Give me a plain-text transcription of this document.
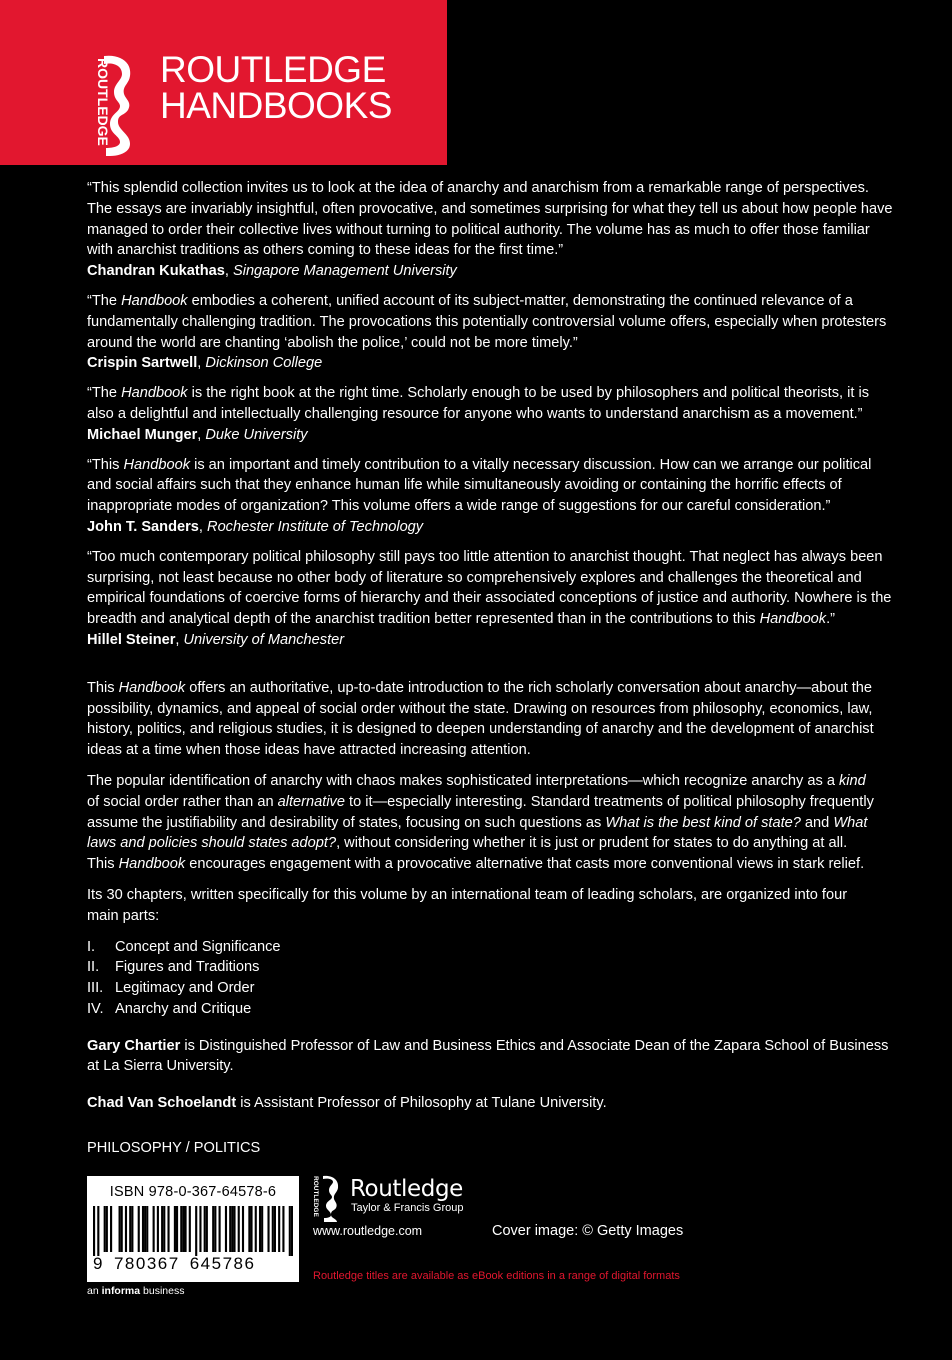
ROUTLEDGE ROUTLEDGE
HANDBOOKS

“This splendid collection invites us to look at the idea of anarchy and anarchism from a remarkable range of perspectives.
The essays are invariably insightful, often provocative, and sometimes surprising for what they tell us about how people have
managed to order their collective lives without turning to political authority. The volume has as much to offer those familiar
with anarchist traditions as others coming to these ideas for the first time.”

Chandran Kukathas, Singapore Management University

“The Handbook embodies a coherent, unified account of its subject-matter, demonstrating the continued relevance of a
fundamentally challenging tradition. The provocations this potentially controversial volume offers, especially when protesters
around the world are chanting ‘abolish the police,’ could not be more timely.”

Crispin Sartwell, Dickinson College

“The Handbook is the right book at the right time. Scholarly enough to be used by philosophers and political theorists, it is
also a delightful and intellectually challenging resource for anyone who wants to understand anarchism as a movement.”

Michael Munger, Duke University

“This Handbook is an important and timely contribution to a vitally necessary discussion. How can we arrange our political
and social affairs such that they enhance human life while simultaneously avoiding or containing the horrific effects of
inappropriate modes of organization? This volume offers a wide range of suggestions for our careful consideration.”

John T. Sanders, Rochester Institute of Technology

“Too much contemporary political philosophy still pays too little attention to anarchist thought. That neglect has always been
surprising, not least because no other body of literature so comprehensively explores and challenges the theoretical and
empirical foundations of coercive forms of hierarchy and their associated conceptions of justice and authority. Nowhere is the
breadth and analytical depth of the anarchist tradition better represented than in the contributions to this Handbook.”

Hillel Steiner, University of Manchester

This Handbook offers an authoritative, up-to-date introduction to the rich scholarly conversation about anarchy—about the
possibility, dynamics, and appeal of social order without the state. Drawing on resources from philosophy, economics, law,
history, politics, and religious studies, it is designed to deepen understanding of anarchy and the development of anarchist
ideas at a time when those ideas have attracted increasing attention.

The popular identification of anarchy with chaos makes sophisticated interpretations—which recognize anarchy as a kind
of social order rather than an alternative to it—especially interesting. Standard treatments of political philosophy frequently
assume the justifiability and desirability of states, focusing on such questions as What is the best kind of state? and What
laws and policies should states adopt?, without considering whether it is just or prudent for states to do anything at all.
This Handbook encourages engagement with a provocative alternative that casts more conventional views in stark relief.

Its 30 chapters, written specifically for this volume by an international team of leading scholars, are organized into four
main parts:

I.	Concept and Significance
II.	Figures and Traditions
III. Legitimacy and Order
IV. Anarchy and Critique

Gary Chartier is Distinguished Professor of Law and Business Ethics and Associate Dean of the Zapara School of Business
at La Sierra University.

Chad Van Schoelandt is Assistant Professor of Philosophy at Tulane University.

PHILOSOPHY / POLITICS
ISBN 978-0-367-64578-6
9 780367 645786
an informa business
ROUTLEDGE Routledge
Taylor & Francis Group
www.routledge.com	Cover image: © Getty Images
Routledge titles are available as eBook editions in a range of digital formats
